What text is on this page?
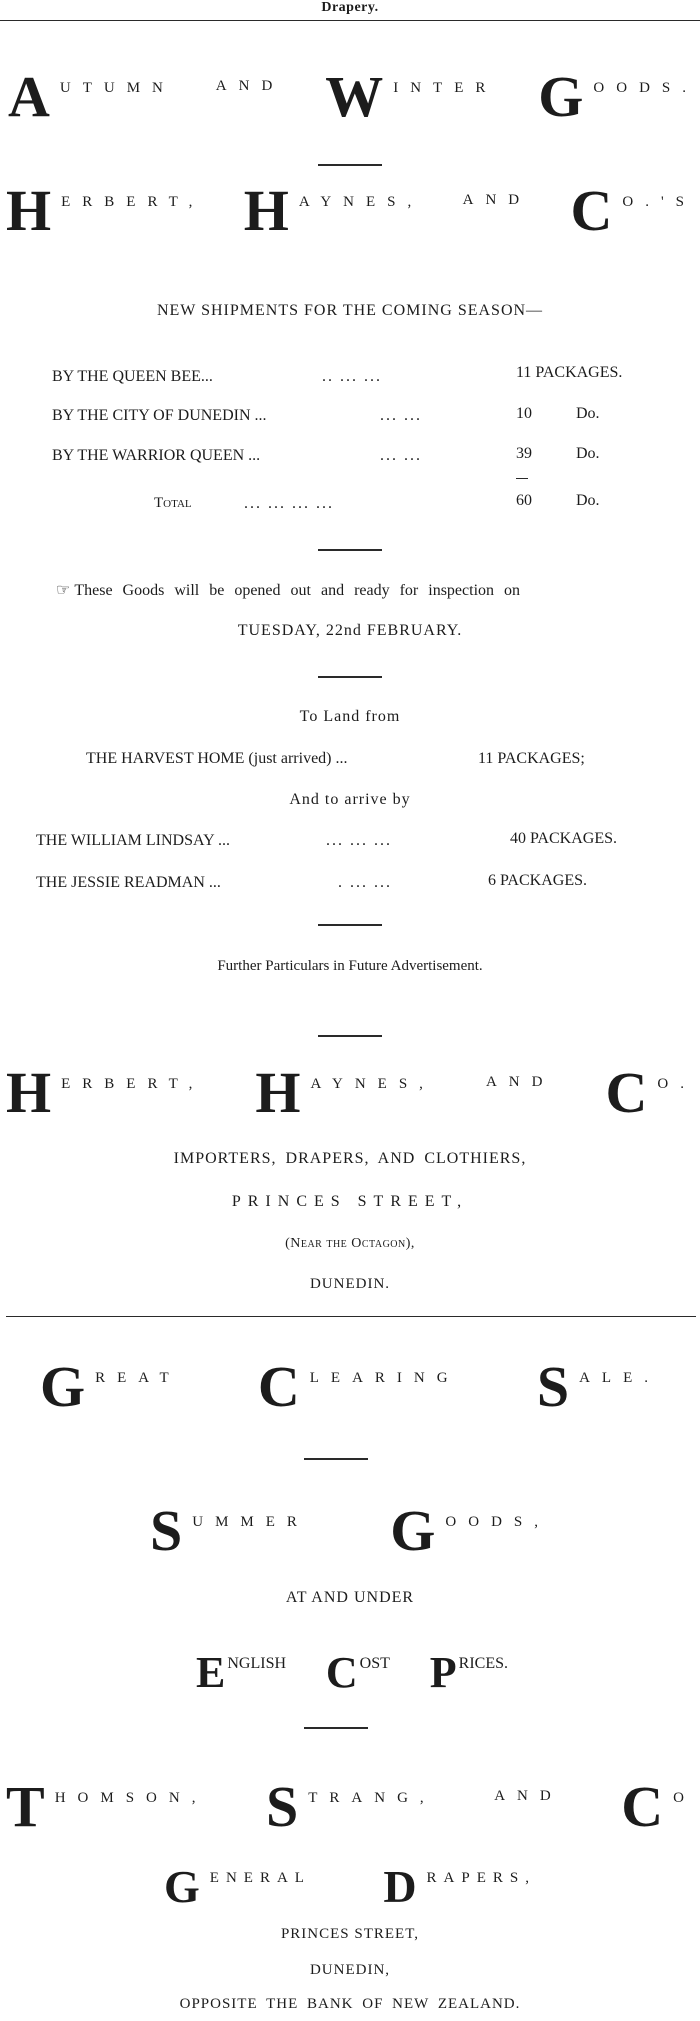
Drapery.
A UTUMN	AND W INTER G OODS.
H ERBERT, H AYNES,	AND C O.'S
NEW SHIPMENTS FOR THE COMING SEASON—
BY THE QUEEN BEE...	.. ... ...	11 PACKAGES.
BY THE CITY OF DUNEDIN ...	... ...	10	Do.
BY THE WARRIOR QUEEN ...	... ...	39	Do.
Total	... ... ... ...	60	Do.
☞ These Goods will be opened out and ready for inspection on
TUESDAY, 22nd FEBRUARY.
To Land from
THE HARVEST HOME (just arrived) ...	11 PACKAGES;
And to arrive by
THE WILLIAM LINDSAY ...	... ... ...	40 PACKAGES.
THE JESSIE READMAN ...	. ... ...	6 PACKAGES.
Further Particulars in Future Advertisement.
H ERBERT, H AYNES,	AND C O.
IMPORTERS, DRAPERS, AND CLOTHIERS,
PRINCES STREET,
(Near the Octagon),
DUNEDIN.
G REAT C LEARING S ALE.
S UMMER G OODS,
AT AND UNDER
E NGLISH C OST P RICES.
T HOMSON, S TRANG,	AND C O
G ENERAL D RAPERS,
PRINCES STREET,
DUNEDIN,
OPPOSITE THE BANK OF NEW ZEALAND.
